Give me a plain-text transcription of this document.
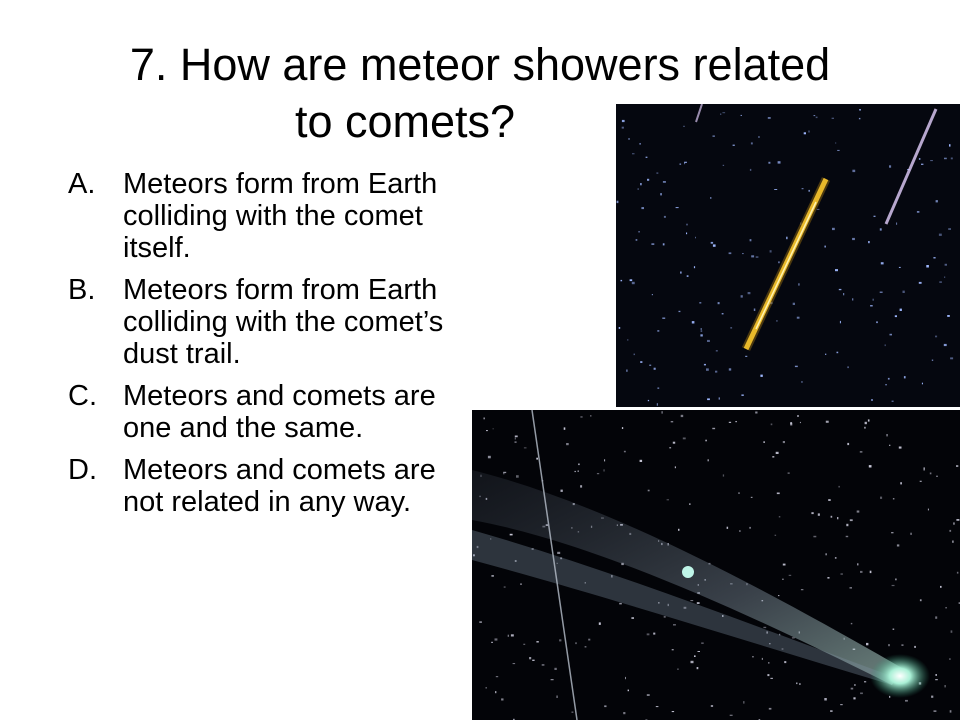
7. How are meteor showers related
to comets?
A. Meteors form from Earth colliding with the comet itself.
B. Meteors form from Earth colliding with the comet’s dust trail.
C. Meteors and comets are one and the same.
D. Meteors and comets are not related in any way.
